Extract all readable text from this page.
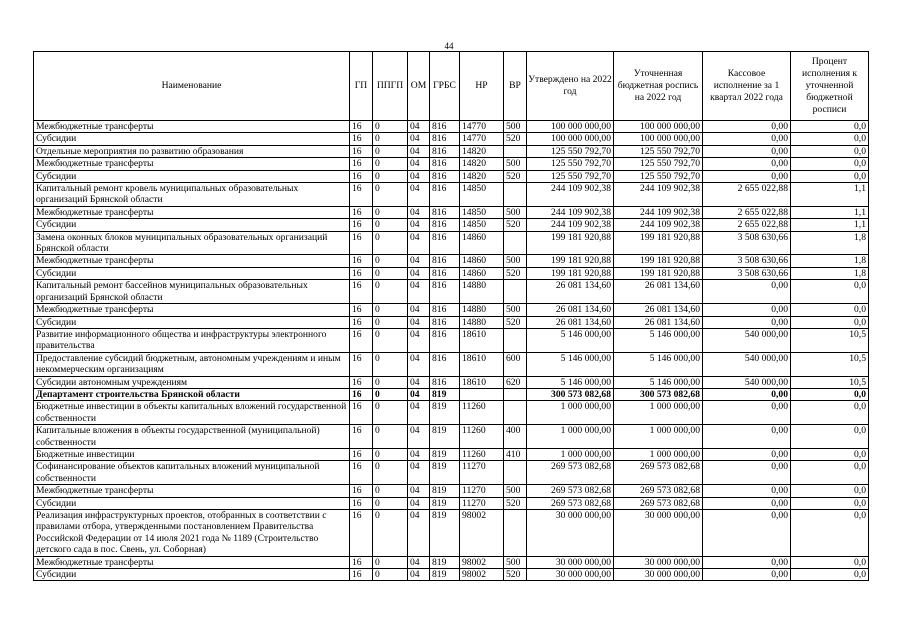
44
Наименование	ГП	ППГП	ОМ	ГРБС	НР	ВР	Утверждено на 2022 год	Уточненная бюджетная роспись на 2022 год	Кассовое исполнение за 1 квартал 2022 года	Процент исполнения к уточненной бюджетной росписи
Межбюджетные трансферты	16	0	04	816	14770	500	100 000 000,00	100 000 000,00	0,00	0,0
Субсидии	16	0	04	816	14770	520	100 000 000,00	100 000 000,00	0,00	0,0
Отдельные мероприятия по развитию образования	16	0	04	816	14820		125 550 792,70	125 550 792,70	0,00	0,0
Межбюджетные трансферты	16	0	04	816	14820	500	125 550 792,70	125 550 792,70	0,00	0,0
Субсидии	16	0	04	816	14820	520	125 550 792,70	125 550 792,70	0,00	0,0
Капитальный ремонт кровель муниципальных образовательных организаций Брянской области	16	0	04	816	14850		244 109 902,38	244 109 902,38	2 655 022,88	1,1
Межбюджетные трансферты	16	0	04	816	14850	500	244 109 902,38	244 109 902,38	2 655 022,88	1,1
Субсидии	16	0	04	816	14850	520	244 109 902,38	244 109 902,38	2 655 022,88	1,1
Замена оконных блоков муниципальных образовательных организаций Брянской области	16	0	04	816	14860		199 181 920,88	199 181 920,88	3 508 630,66	1,8
Межбюджетные трансферты	16	0	04	816	14860	500	199 181 920,88	199 181 920,88	3 508 630,66	1,8
Субсидии	16	0	04	816	14860	520	199 181 920,88	199 181 920,88	3 508 630,66	1,8
Капитальный ремонт бассейнов муниципальных образовательных организаций Брянской области	16	0	04	816	14880		26 081 134,60	26 081 134,60	0,00	0,0
Межбюджетные трансферты	16	0	04	816	14880	500	26 081 134,60	26 081 134,60	0,00	0,0
Субсидии	16	0	04	816	14880	520	26 081 134,60	26 081 134,60	0,00	0,0
Развитие информационного общества и инфраструктуры электронного правительства	16	0	04	816	18610		5 146 000,00	5 146 000,00	540 000,00	10,5
Предоставление субсидий бюджетным, автономным учреждениям и иным некоммерческим организациям	16	0	04	816	18610	600	5 146 000,00	5 146 000,00	540 000,00	10,5
Субсидии автономным учреждениям	16	0	04	816	18610	620	5 146 000,00	5 146 000,00	540 000,00	10,5
Департамент строительства Брянской области	16	0	04	819			300 573 082,68	300 573 082,68	0,00	0,0
Бюджетные инвестиции в объекты капитальных вложений государственной собственности	16	0	04	819	11260		1 000 000,00	1 000 000,00	0,00	0,0
Капитальные вложения в объекты государственной (муниципальной) собственности	16	0	04	819	11260	400	1 000 000,00	1 000 000,00	0,00	0,0
Бюджетные инвестиции	16	0	04	819	11260	410	1 000 000,00	1 000 000,00	0,00	0,0
Софинансирование объектов капитальных вложений муниципальной собственности	16	0	04	819	11270		269 573 082,68	269 573 082,68	0,00	0,0
Межбюджетные трансферты	16	0	04	819	11270	500	269 573 082,68	269 573 082,68	0,00	0,0
Субсидии	16	0	04	819	11270	520	269 573 082,68	269 573 082,68	0,00	0,0
Реализация инфраструктурных проектов, отобранных в соответствии с правилами отбора, утвержденными постановлением Правительства Российской Федерации от 14 июля 2021 года № 1189 (Строительство детского сада в пос. Свень, ул. Соборная)	16	0	04	819	98002		30 000 000,00	30 000 000,00	0,00	0,0
Межбюджетные трансферты	16	0	04	819	98002	500	30 000 000,00	30 000 000,00	0,00	0,0
Субсидии	16	0	04	819	98002	520	30 000 000,00	30 000 000,00	0,00	0,0
